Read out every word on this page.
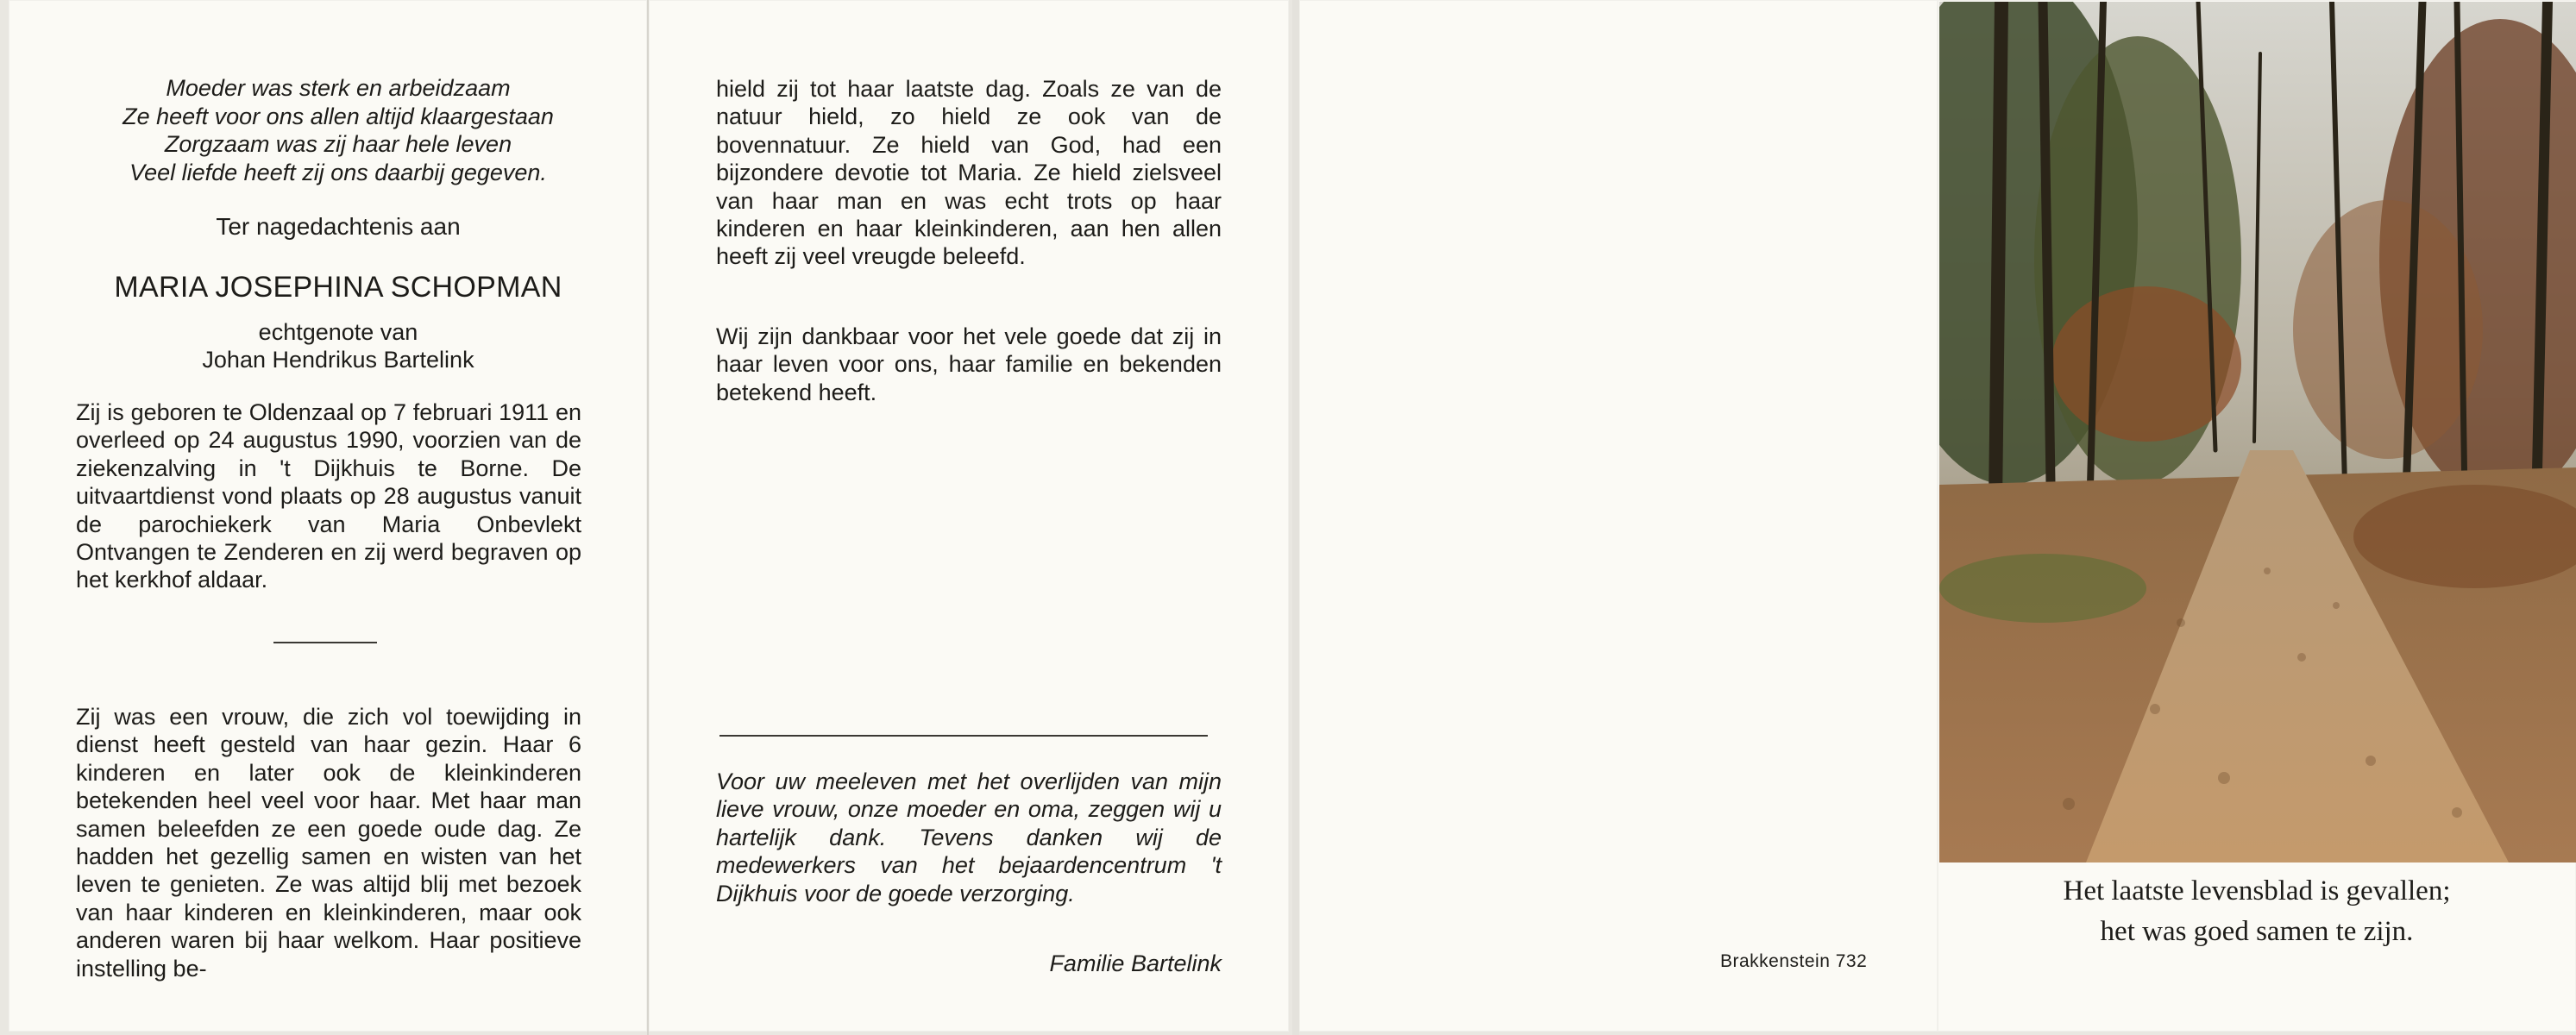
Moeder was sterk en arbeidzaam
Ze heeft voor ons allen altijd klaargestaan
Zorgzaam was zij haar hele leven
Veel liefde heeft zij ons daarbij gegeven.
Ter nagedachtenis aan
MARIA JOSEPHINA SCHOPMAN
echtgenote van
Johan Hendrikus Bartelink

Zij is geboren te Oldenzaal op 7 februari 1911 en overleed op 24 augustus 1990, voorzien van de ziekenzalving in 't Dijkhuis te Borne. De uitvaartdienst vond plaats op 28 augustus vanuit de parochiekerk van Maria Onbevlekt Ontvangen te Zenderen en zij werd begraven op het kerkhof aldaar.

Zij was een vrouw, die zich vol toewijding in dienst heeft gesteld van haar gezin. Haar 6 kinderen en later ook de kleinkinderen betekenden heel veel voor haar. Met haar man samen beleefden ze een goede oude dag. Ze hadden het gezellig samen en wisten van het leven te genieten. Ze was altijd blij met bezoek van haar kinderen en kleinkinderen, maar ook anderen waren bij haar welkom. Haar positieve instelling be-

hield zij tot haar laatste dag. Zoals ze van de natuur hield, zo hield ze ook van de bovennatuur. Ze hield van God, had een bijzondere devotie tot Maria. Ze hield zielsveel van haar man en was echt trots op haar kinderen en haar kleinkinderen, aan hen allen heeft zij veel vreugde beleefd.

Wij zijn dankbaar voor het vele goede dat zij in haar leven voor ons, haar familie en bekenden betekend heeft.

Voor uw meeleven met het overlijden van mijn lieve vrouw, onze moeder en oma, zeggen wij u hartelijk dank. Tevens danken wij de medewerkers van het bejaardencentrum 't Dijkhuis voor de goede verzorging.

Familie Bartelink	Brakkenstein 732
Het laatste levensblad is gevallen;
het was goed samen te zijn.
